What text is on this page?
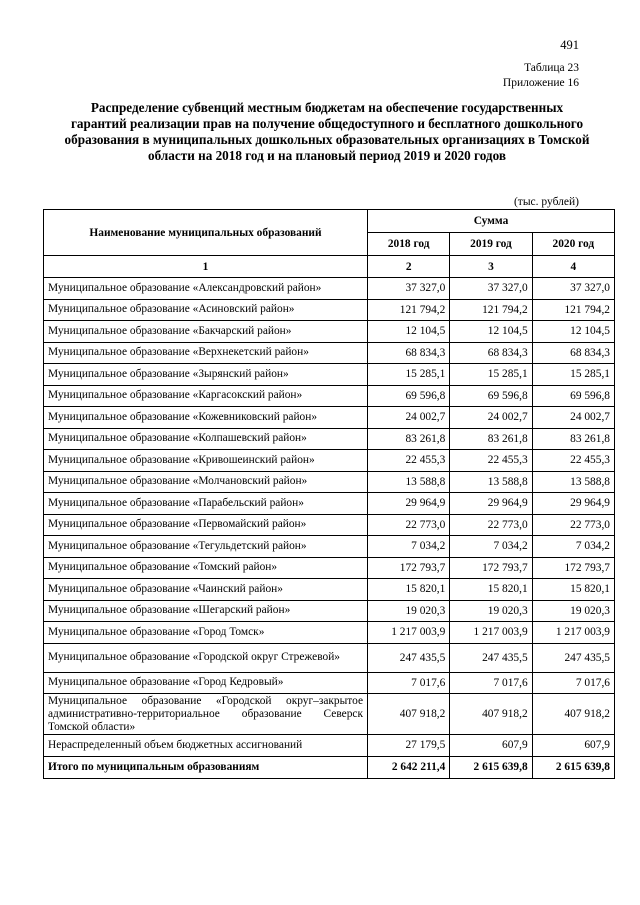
491
Таблица 23
Приложение 16
Распределение субвенций местным бюджетам на обеспечение государственных гарантий реализации прав на получение общедоступного и бесплатного дошкольного образования в муниципальных дошкольных образовательных организациях в Томской области на 2018 год и на плановый период 2019 и 2020 годов
(тыс. рублей)
Наименование муниципальных образований	Сумма		
	2018 год	2019 год	2020 год
1	2	3	4
Муниципальное образование «Александровский район»	37 327,0	37 327,0	37 327,0
Муниципальное образование «Асиновский район»	121 794,2	121 794,2	121 794,2
Муниципальное образование «Бакчарский район»	12 104,5	12 104,5	12 104,5
Муниципальное образование «Верхнекетский район»	68 834,3	68 834,3	68 834,3
Муниципальное образование «Зырянский район»	15 285,1	15 285,1	15 285,1
Муниципальное образование «Каргасокский район»	69 596,8	69 596,8	69 596,8
Муниципальное образование «Кожевниковский район»	24 002,7	24 002,7	24 002,7
Муниципальное образование «Колпашевский район»	83 261,8	83 261,8	83 261,8
Муниципальное образование «Кривошеинский район»	22 455,3	22 455,3	22 455,3
Муниципальное образование «Молчановский район»	13 588,8	13 588,8	13 588,8
Муниципальное образование «Парабельский район»	29 964,9	29 964,9	29 964,9
Муниципальное образование «Первомайский район»	22 773,0	22 773,0	22 773,0
Муниципальное образование «Тегульдетский район»	7 034,2	7 034,2	7 034,2
Муниципальное образование «Томский район»	172 793,7	172 793,7	172 793,7
Муниципальное образование «Чаинский район»	15 820,1	15 820,1	15 820,1
Муниципальное образование «Шегарский район»	19 020,3	19 020,3	19 020,3
Муниципальное образование «Город Томск»	1 217 003,9	1 217 003,9	1 217 003,9
Муниципальное образование «Городской округ Стрежевой»	247 435,5	247 435,5	247 435,5
Муниципальное образование «Город Кедровый»	7 017,6	7 017,6	7 017,6
Муниципальное образование «Городской округ–закрытое административно-территориальное образование Северск Томской области»	407 918,2	407 918,2	407 918,2
Нераспределенный объем бюджетных ассигнований	27 179,5	607,9	607,9
Итого по муниципальным образованиям	2 642 211,4	2 615 639,8	2 615 639,8
